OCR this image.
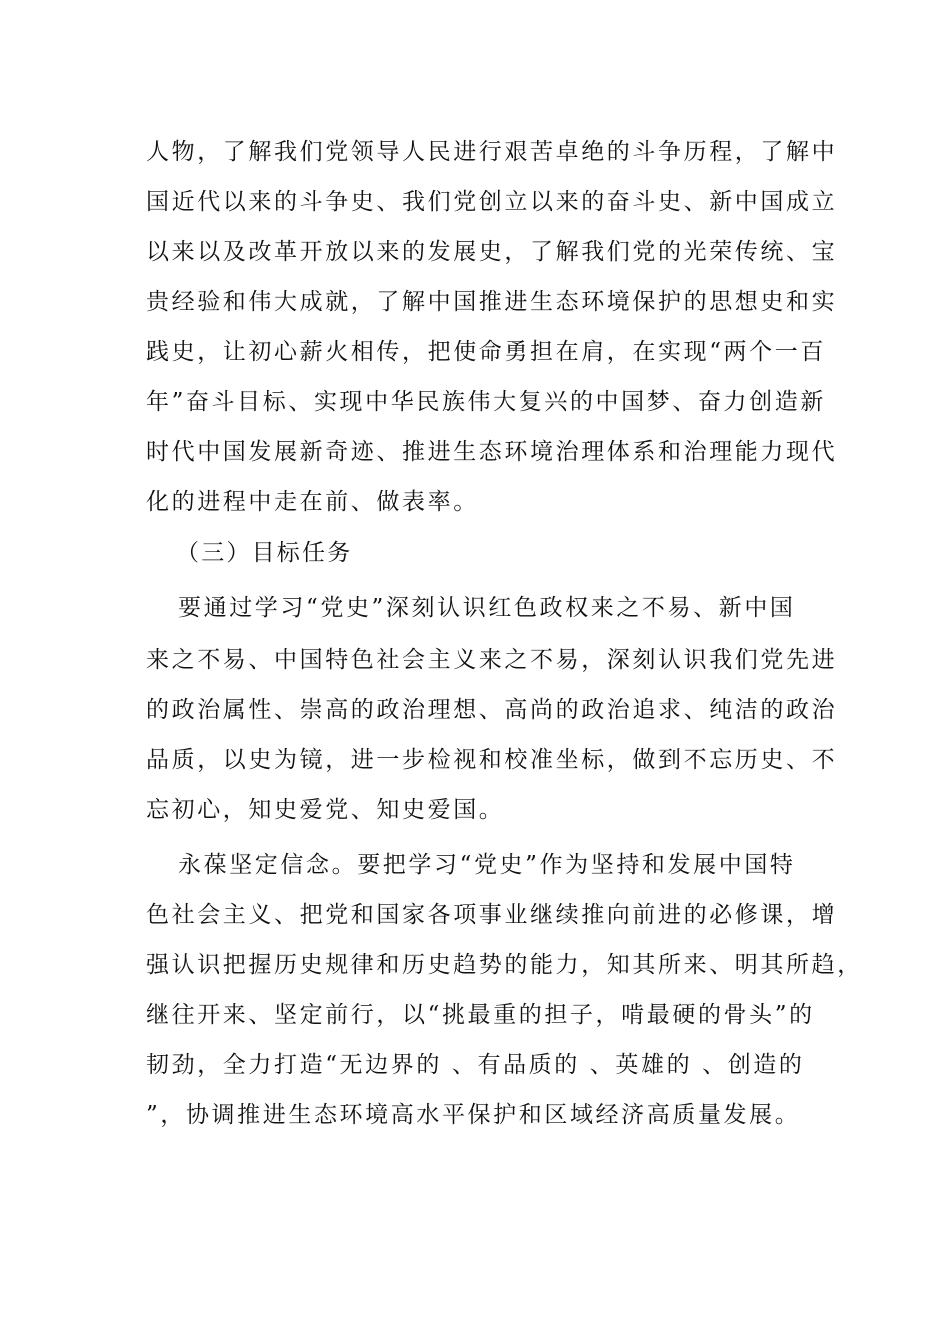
人物，了解我们党领导人民进行艰苦卓绝的斗争历程，了解中
国近代以来的斗争史、我们党创立以来的奋斗史、新中国成立
以来以及改革开放以来的发展史，了解我们党的光荣传统、宝
贵经验和伟大成就，了解中国推进生态环境保护的思想史和实
践史，让初心薪火相传，把使命勇担在肩，在实现“两个一百
年”奋斗目标、实现中华民族伟大复兴的中国梦、奋力创造新
时代中国发展新奇迹、推进生态环境治理体系和治理能力现代
化的进程中走在前、做表率。
（三）目标任务
要通过学习“党史”深刻认识红色政权来之不易、新中国
来之不易、中国特色社会主义来之不易，深刻认识我们党先进
的政治属性、崇高的政治理想、高尚的政治追求、纯洁的政治
品质，以史为镜，进一步检视和校准坐标，做到不忘历史、不
忘初心，知史爱党、知史爱国。
永葆坚定信念。要把学习“党史”作为坚持和发展中国特
色社会主义、把党和国家各项事业继续推向前进的必修课，增
强认识把握历史规律和历史趋势的能力，知其所来、明其所趋，
继往开来、坚定前行，以“挑最重的担子，啃最硬的骨头”的
韧劲，全力打造“无边界的 、有品质的 、英雄的 、创造的
”，协调推进生态环境高水平保护和区域经济高质量发展。
